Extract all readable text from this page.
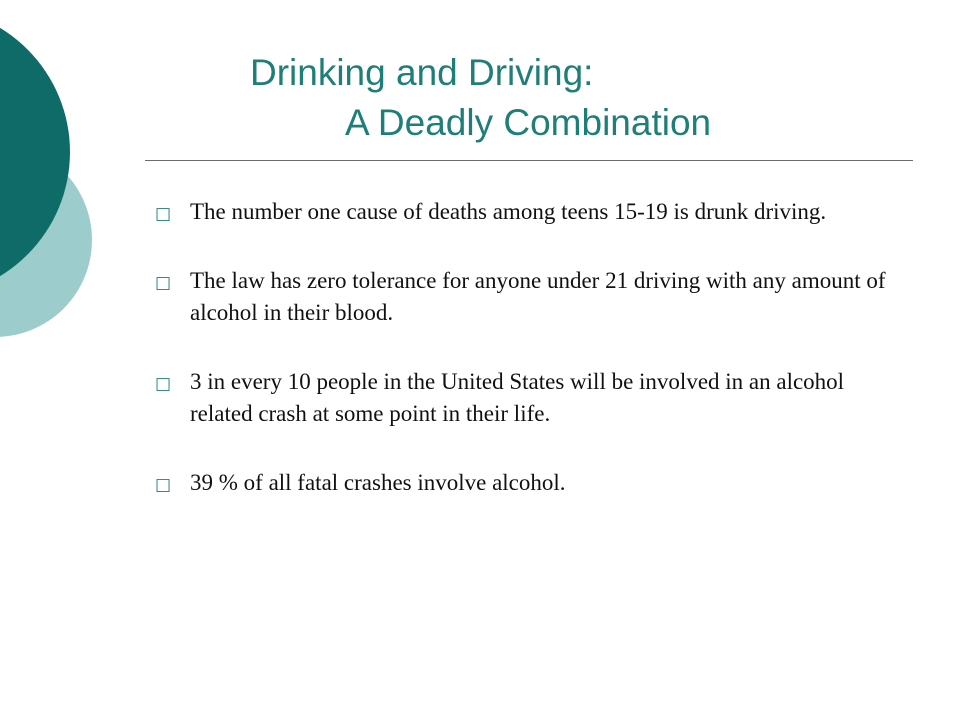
Drinking and Driving:
A Deadly Combination
□ The number one cause of deaths among teens 15-19 is drunk driving.
□ The law has zero tolerance for anyone under 21 driving with any amount of alcohol in their blood.
□ 3 in every 10 people in the United States will be involved in an alcohol related crash at some point in their life.
□ 39 % of all fatal crashes involve alcohol.
